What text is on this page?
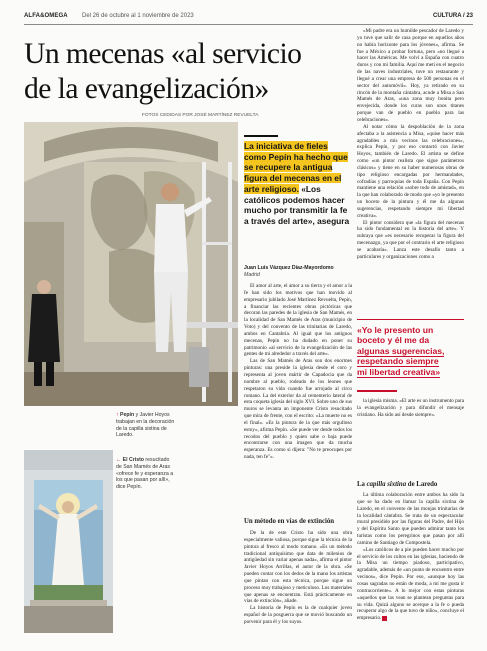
ALFA&OMEGA Del 26 de octubre al 1 noviembre de 2023	CULTURA / 23
Un mecenas «al servicio de la evangelización»
FOTOS CEDIDAS POR JOSÉ MARTÍNEZ REVUELTA
↑ Pepín y Javier Hoyos trabajan en la decoración de la capilla sixtina de Laredo.
← El Cristo resucitado de San Mamés de Aras «ofrece fe y esperanza a los que pasan por allí», dice Pepín.

La iniciativa de fieles como Pepín ha hecho que se recupere la antigua figura del mecenas en el arte religioso. «Los católicos podemos hacer mucho por transmitir la fe a través del arte», asegura

Juan Luis Vázquez Díaz-Mayordomo
Madrid

El amor al arte, el amor a su tierra y el amor a la fe han sido los motivos que han movido al empresario jubilado José Martínez Revuelta, Pepín, a financiar las recientes obras pictóricas que decoran las paredes de la iglesia de San Mamés, en la localidad de San Mamés de Aras (municipio de Voto) y del convento de las trinitarias de Laredo, ambos en Cantabria. Al igual que los antiguos mecenas, Pepín no ha dudado en poner su patrimonio «al servicio de la evangelización de las gentes de mi alrededor a través del arte».

Las de San Mamés de Aras son dos enormes pinturas: una preside la iglesia desde el coro y representa al joven mártir de Capadocia que da nombre al pueblo, rodeado de los leones que respetaron su vida cuando fue arrojado al circo romano. La del exterior da al cementerio lateral de esta coqueta iglesia del siglo XVI. Sobre uno de sus muros se levanta un imponente Cristo resucitado que mira de frente, con el escrito: «La muerte no es el final». «Es la pintura de la que más orgulloso estoy», afirma Pepín. «Se puede ver desde todos los recodos del pueblo y quien sabe o baja puede encontrarse con una imagen que da mucha esperanza. Es como si dijera: "No te preocupes por nada, ten fe"».

Un método en vías de extinción

De la de este Cristo ha sido una obra especialmente valiosa, porque sigue la técnica de la pintura al fresco al modo romano. «Es un método tradicional antiquísimo que data de milenios de antigüedad sin variar apenas nada», afirma el pintor Javier Hoyos Arrillas, el autor de la obra. «Se pueden contar con los dedos de la mano los artistas que pintan con esta técnica, porque sigue un proceso muy trabajoso y meticuloso. Los materiales que apenas se encuentran. Está prácticamente en vías de extinción», añade.

La historia de Pepín es la de cualquier joven español de la posguerra que se movió buscando un porvenir para él y los suyos.

«Mi padre era un humilde pescador de Laredo y yo tuve que salir de casa porque en aquellos años no había horizonte para los jóvenes», afirma. Se fue a México a probar fortuna, pero «no llegué a hacer las Américas. Me volví a España con cuatro duros y con mi familia. Aquí me metí en el negocio de las naves industriales, tuve un restaurante y llegué a crear una empresa de 500 personas en el sector del automóvil». Hoy, ya retirado en su rincón de la montaña cántabra, acude a Misa a San Mamés de Aras, «una zona muy bonita pero envejecida, donde los curas son unos titanes porque van de pueblo en pueblo para las celebraciones».

Al notar cómo la despoblación de la zona afectaba a la asistencia a Misa, «quise hacer más agradables a mis vecinos las celebraciones», explica Pepín, y por eso contactó con Javier Hoyos, también de Laredo. El artista se define como «un pintor realista que sigue parámetros clásicos» y tiene en su haber numerosas obras de tipo religioso encargadas por hermandades, cofradías y parroquias de toda España. Con Pepín mantiene una relación «sobre todo de amistad», en la que han colaborado de modo que «yo le presento un boceto de la pintura y él me da algunas sugerencias, respetando siempre mi libertad creativa».

El pintor considera que «la figura del mecenas ha sido fundamental en la historia del arte». Y subraya que «es necesario recuperar la figura del mecenazgo, ya que por el contrario el arte religioso se acabaría». Lanza este desafío tanto a particulares y organizaciones como a

«Yo le presento un
boceto y él me da
algunas sugerencias,
respetando siempre
mi libertad creativa»

la iglesia misma. «El arte es un instrumento para la evangelización y para difundir el mensaje cristiano. Ha sido así desde siempre».

La capilla sixtina de Laredo

La última colaboración entre ambos ha sido la que se ha dado en llamar la capilla sixtina de Laredo, en el convento de las monjas trinitarias de la localidad cántabra. Se trata de un espectacular mural presidido por las figuras del Padre, del Hijo y del Espíritu Santo que pueden admirar tanto los turistas como los peregrinos que pasan por allí camino de Santiago de Compostela.

«Los católicos de a pie pueden hacer mucho por el servicio de los cultos en las iglesias, haciendo de la Misa un tiempo piadoso, participativo, agradable, además de «un punto de encuentro entre vecinos», dice Pepín. Por eso, «aunque hoy las cosas sagradas no están de moda, a mí me gusta ir contracorriente». A lo mejor con estas pinturas «aquellos que las vean se plantean preguntas para su vida. Quizá alguno se acerque a la fe o pueda recuperar algo de la que tuvo de niño», concluye el empresario.
